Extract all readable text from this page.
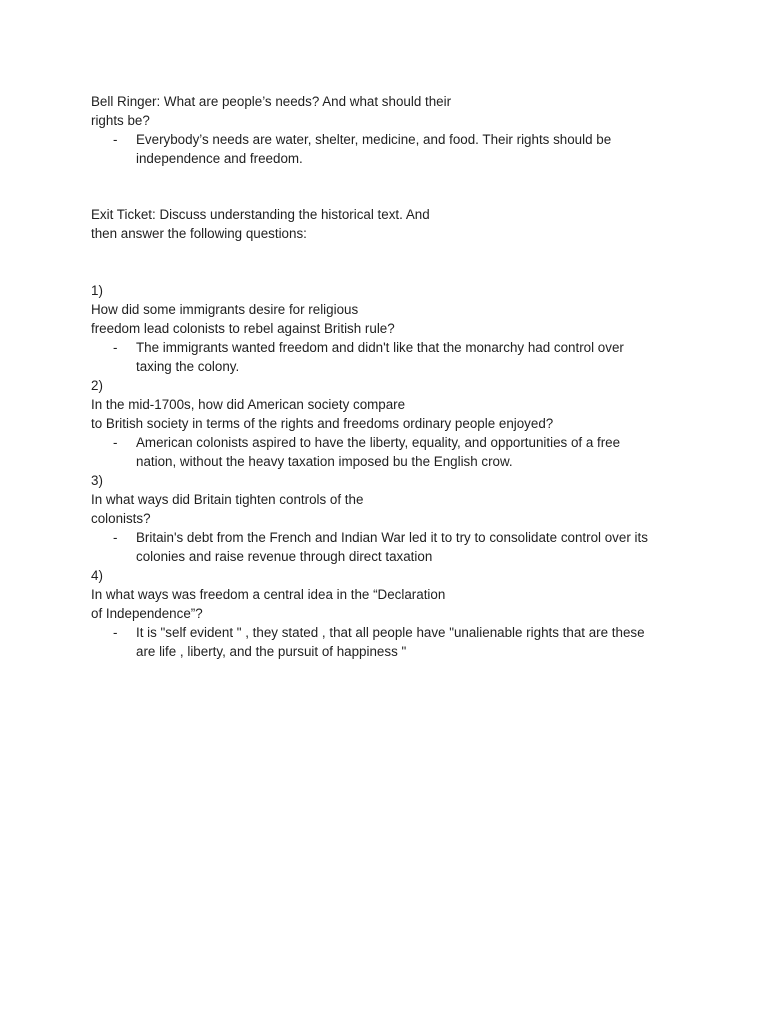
Bell Ringer: What are people’s needs? And what should their
rights be?
- Everybody’s needs are water, shelter, medicine, and food. Their rights should be
independence and freedom.
Exit Ticket: Discuss understanding the historical text. And
then answer the following questions:
1)
How did some immigrants desire for religious
freedom lead colonists to rebel against British rule?
- The immigrants wanted freedom and didn't like that the monarchy had control over
taxing the colony.
2)
In the mid-1700s, how did American society compare
to British society in terms of the rights and freedoms ordinary people enjoyed?
- American colonists aspired to have the liberty, equality, and opportunities of a free
nation, without the heavy taxation imposed bu the English crow.
3)
In what ways did Britain tighten controls of the
colonists?
- Britain's debt from the French and Indian War led it to try to consolidate control over its
colonies and raise revenue through direct taxation
4)
In what ways was freedom a central idea in the “Declaration
of Independence”?
- It is "self evident " , they stated , that all people have "unalienable rights that are these
are life , liberty, and the pursuit of happiness "
